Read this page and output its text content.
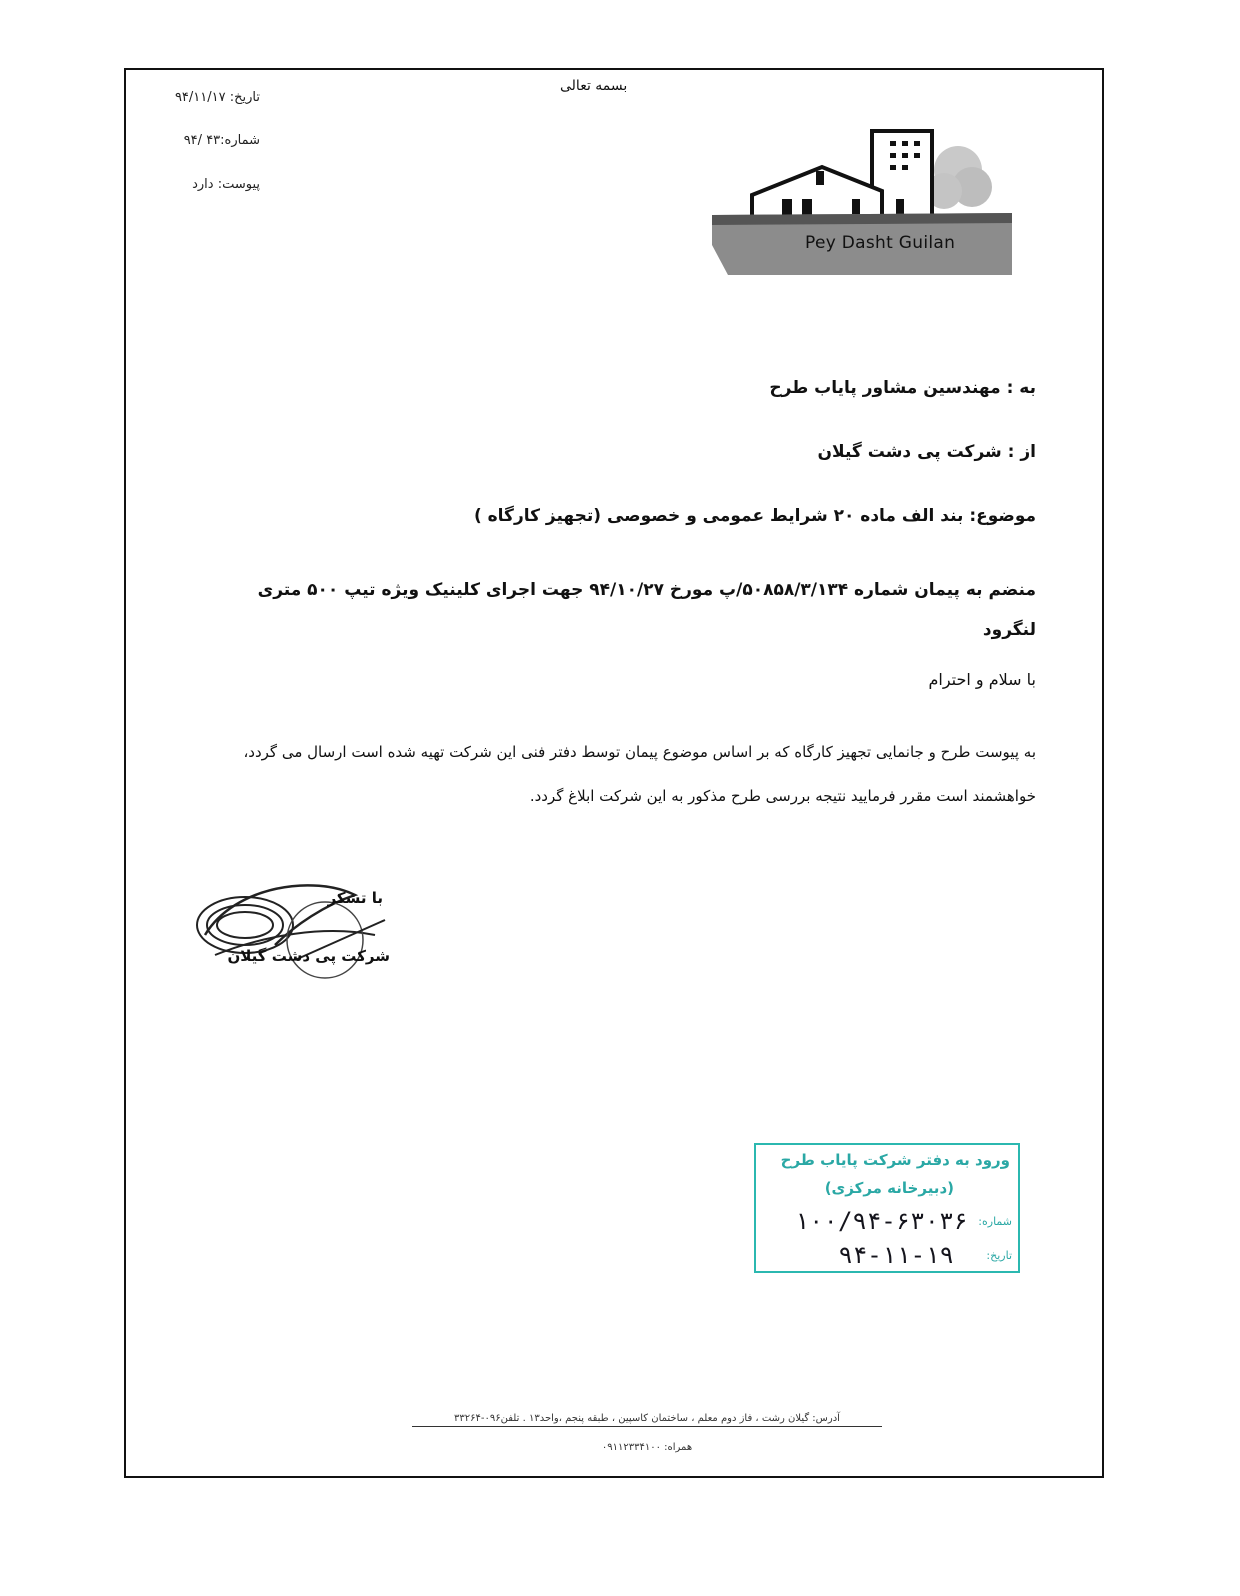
بسمه تعالی
تاریخ: ۹۴/۱۱/۱۷
شماره:۴۳ /۹۴
پیوست: دارد
Pey Dasht Guilan
به : مهندسین مشاور پایاب طرح
از : شرکت پی دشت گیلان
موضوع: بند الف ماده ۲۰ شرایط عمومی و خصوصی (تجهیز کارگاه )
منضم به پیمان شماره ۵۰۸۵۸/۳/۱۳۴/پ مورخ ۹۴/۱۰/۲۷ جهت اجرای کلینیک ویژه تیپ ۵۰۰ متری لنگرود
با سلام و احترام
به پیوست طرح و جانمایی تجهیز کارگاه که بر اساس موضوع پیمان توسط دفتر فنی این شرکت تهیه شده است ارسال می گردد، خواهشمند است مقرر فرمایید نتیجه بررسی طرح مذکور به این شرکت ابلاغ گردد.
با تشکر
شرکت پی دشت گیلان
ورود به دفتر شرکت پایاب طرح
(دبیرخانه مرکزی)
شماره:
۱۰۰/۹۴-۶۳۰۳۶
تاریخ:
۹۴-۱۱-۱۹
آدرس: گیلان رشت ، فاز دوم معلم ، ساختمان کاسپین ، طبقه پنجم ،واحد۱۳ . تلفن۰۹۶-۳۳۲۶۴
همراه: ۰۹۱۱۲۳۳۴۱۰۰
